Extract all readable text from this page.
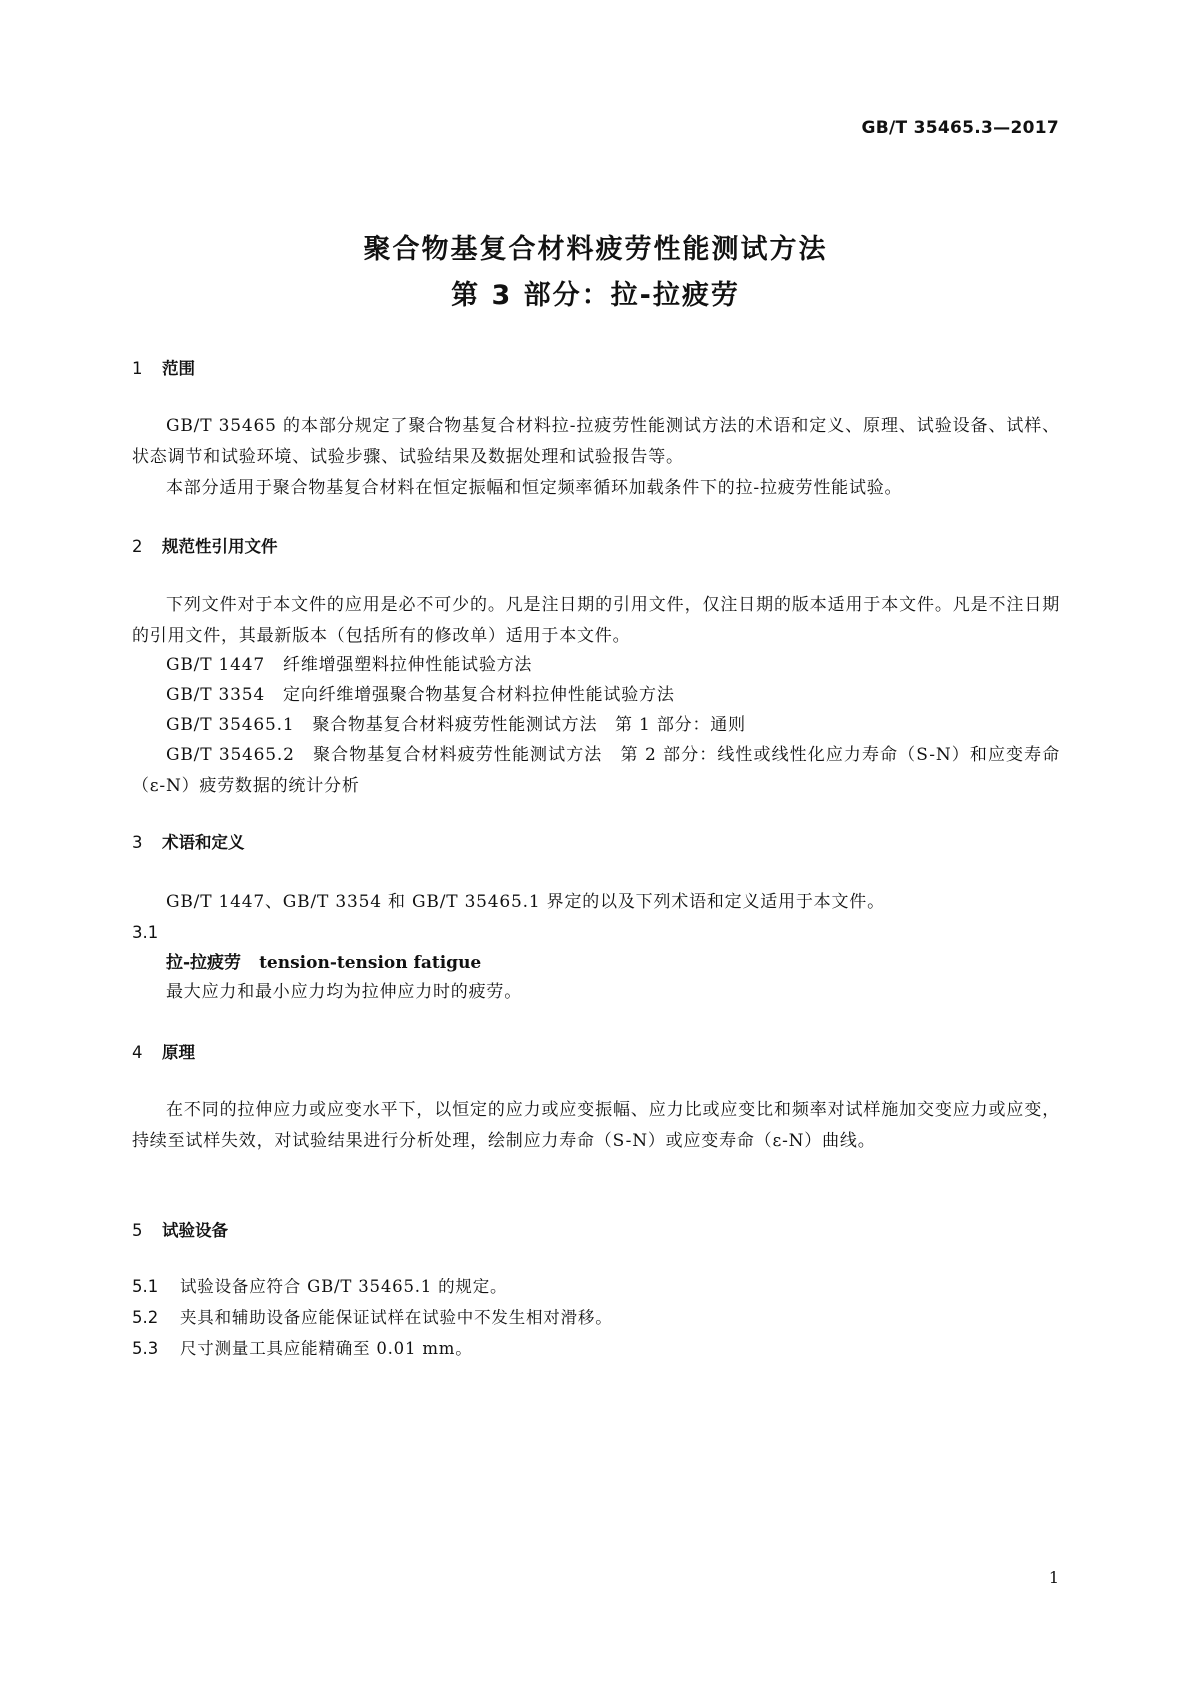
GB/T 35465.3—2017
聚合物基复合材料疲劳性能测试方法
第 3 部分：拉-拉疲劳
1 范围

GB/T 35465 的本部分规定了聚合物基复合材料拉-拉疲劳性能测试方法的术语和定义、原理、试验设备、试样、状态调节和试验环境、试验步骤、试验结果及数据处理和试验报告等。

本部分适用于聚合物基复合材料在恒定振幅和恒定频率循环加载条件下的拉-拉疲劳性能试验。

2 规范性引用文件

下列文件对于本文件的应用是必不可少的。凡是注日期的引用文件，仅注日期的版本适用于本文件。凡是不注日期的引用文件，其最新版本（包括所有的修改单）适用于本文件。

GB/T 1447 纤维增强塑料拉伸性能试验方法
GB/T 3354 定向纤维增强聚合物基复合材料拉伸性能试验方法
GB/T 35465.1 聚合物基复合材料疲劳性能测试方法　第 1 部分：通则

GB/T 35465.2　聚合物基复合材料疲劳性能测试方法　第 2 部分：线性或线性化应力寿命（S-N）和应变寿命（ε-N）疲劳数据的统计分析

3 术语和定义

GB/T 1447、GB/T 3354 和 GB/T 35465.1 界定的以及下列术语和定义适用于本文件。

3.1
拉-拉疲劳 tension-tension fatigue
最大应力和最小应力均为拉伸应力时的疲劳。
4 原理

在不同的拉伸应力或应变水平下，以恒定的应力或应变振幅、应力比或应变比和频率对试样施加交变应力或应变，持续至试样失效，对试验结果进行分析处理，绘制应力寿命（S-N）或应变寿命（ε-N）曲线。

5 试验设备
5.1 试验设备应符合 GB/T 35465.1 的规定。
5.2 夹具和辅助设备应能保证试样在试验中不发生相对滑移。
5.3 尺寸测量工具应能精确至 0.01 mm。
1
